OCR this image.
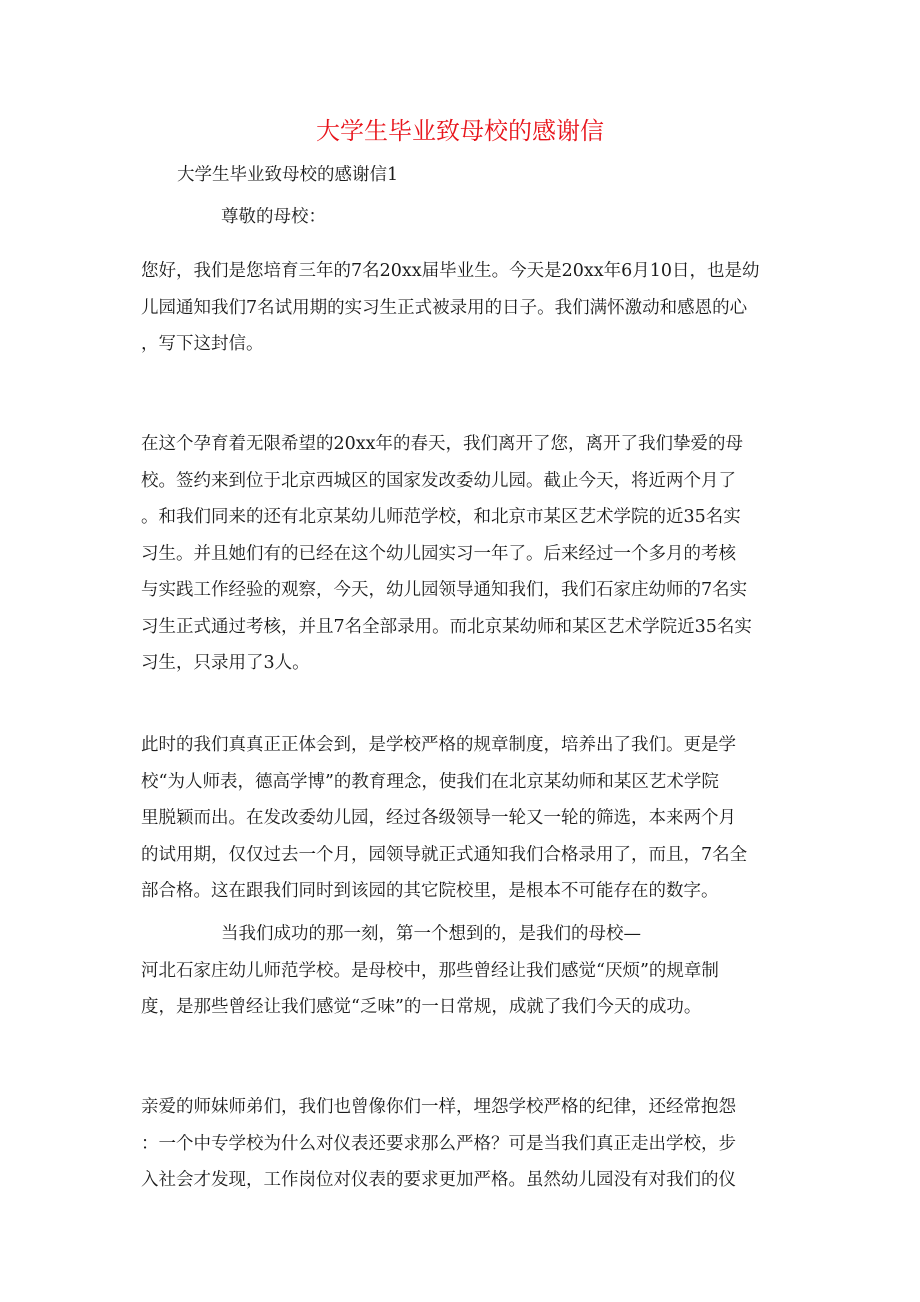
大学生毕业致母校的感谢信
大学生毕业致母校的感谢信1
尊敬的母校：
您好，我们是您培育三年的7名20xx届毕业生。今天是20xx年6月10日，也是幼
儿园通知我们7名试用期的实习生正式被录用的日子。我们满怀激动和感恩的心
，写下这封信。
在这个孕育着无限希望的20xx年的春天，我们离开了您，离开了我们挚爱的母
校。签约来到位于北京西城区的国家发改委幼儿园。截止今天，将近两个月了
。和我们同来的还有北京某幼儿师范学校，和北京市某区艺术学院的近35名实
习生。并且她们有的已经在这个幼儿园实习一年了。后来经过一个多月的考核
与实践工作经验的观察，今天，幼儿园领导通知我们，我们石家庄幼师的7名实
习生正式通过考核，并且7名全部录用。而北京某幼师和某区艺术学院近35名实
习生，只录用了3人。
此时的我们真真正正体会到，是学校严格的规章制度，培养出了我们。更是学
校“为人师表，德高学博”的教育理念，使我们在北京某幼师和某区艺术学院
里脱颖而出。在发改委幼儿园，经过各级领导一轮又一轮的筛选，本来两个月
的试用期，仅仅过去一个月，园领导就正式通知我们合格录用了，而且，7名全
部合格。这在跟我们同时到该园的其它院校里，是根本不可能存在的数字。
当我们成功的那一刻，第一个想到的，是我们的母校—
河北石家庄幼儿师范学校。是母校中，那些曾经让我们感觉“厌烦”的规章制
度，是那些曾经让我们感觉“乏味”的一日常规，成就了我们今天的成功。
亲爱的师妹师弟们，我们也曾像你们一样，埋怨学校严格的纪律，还经常抱怨
：一个中专学校为什么对仪表还要求那么严格？可是当我们真正走出学校，步
入社会才发现，工作岗位对仪表的要求更加严格。虽然幼儿园没有对我们的仪
